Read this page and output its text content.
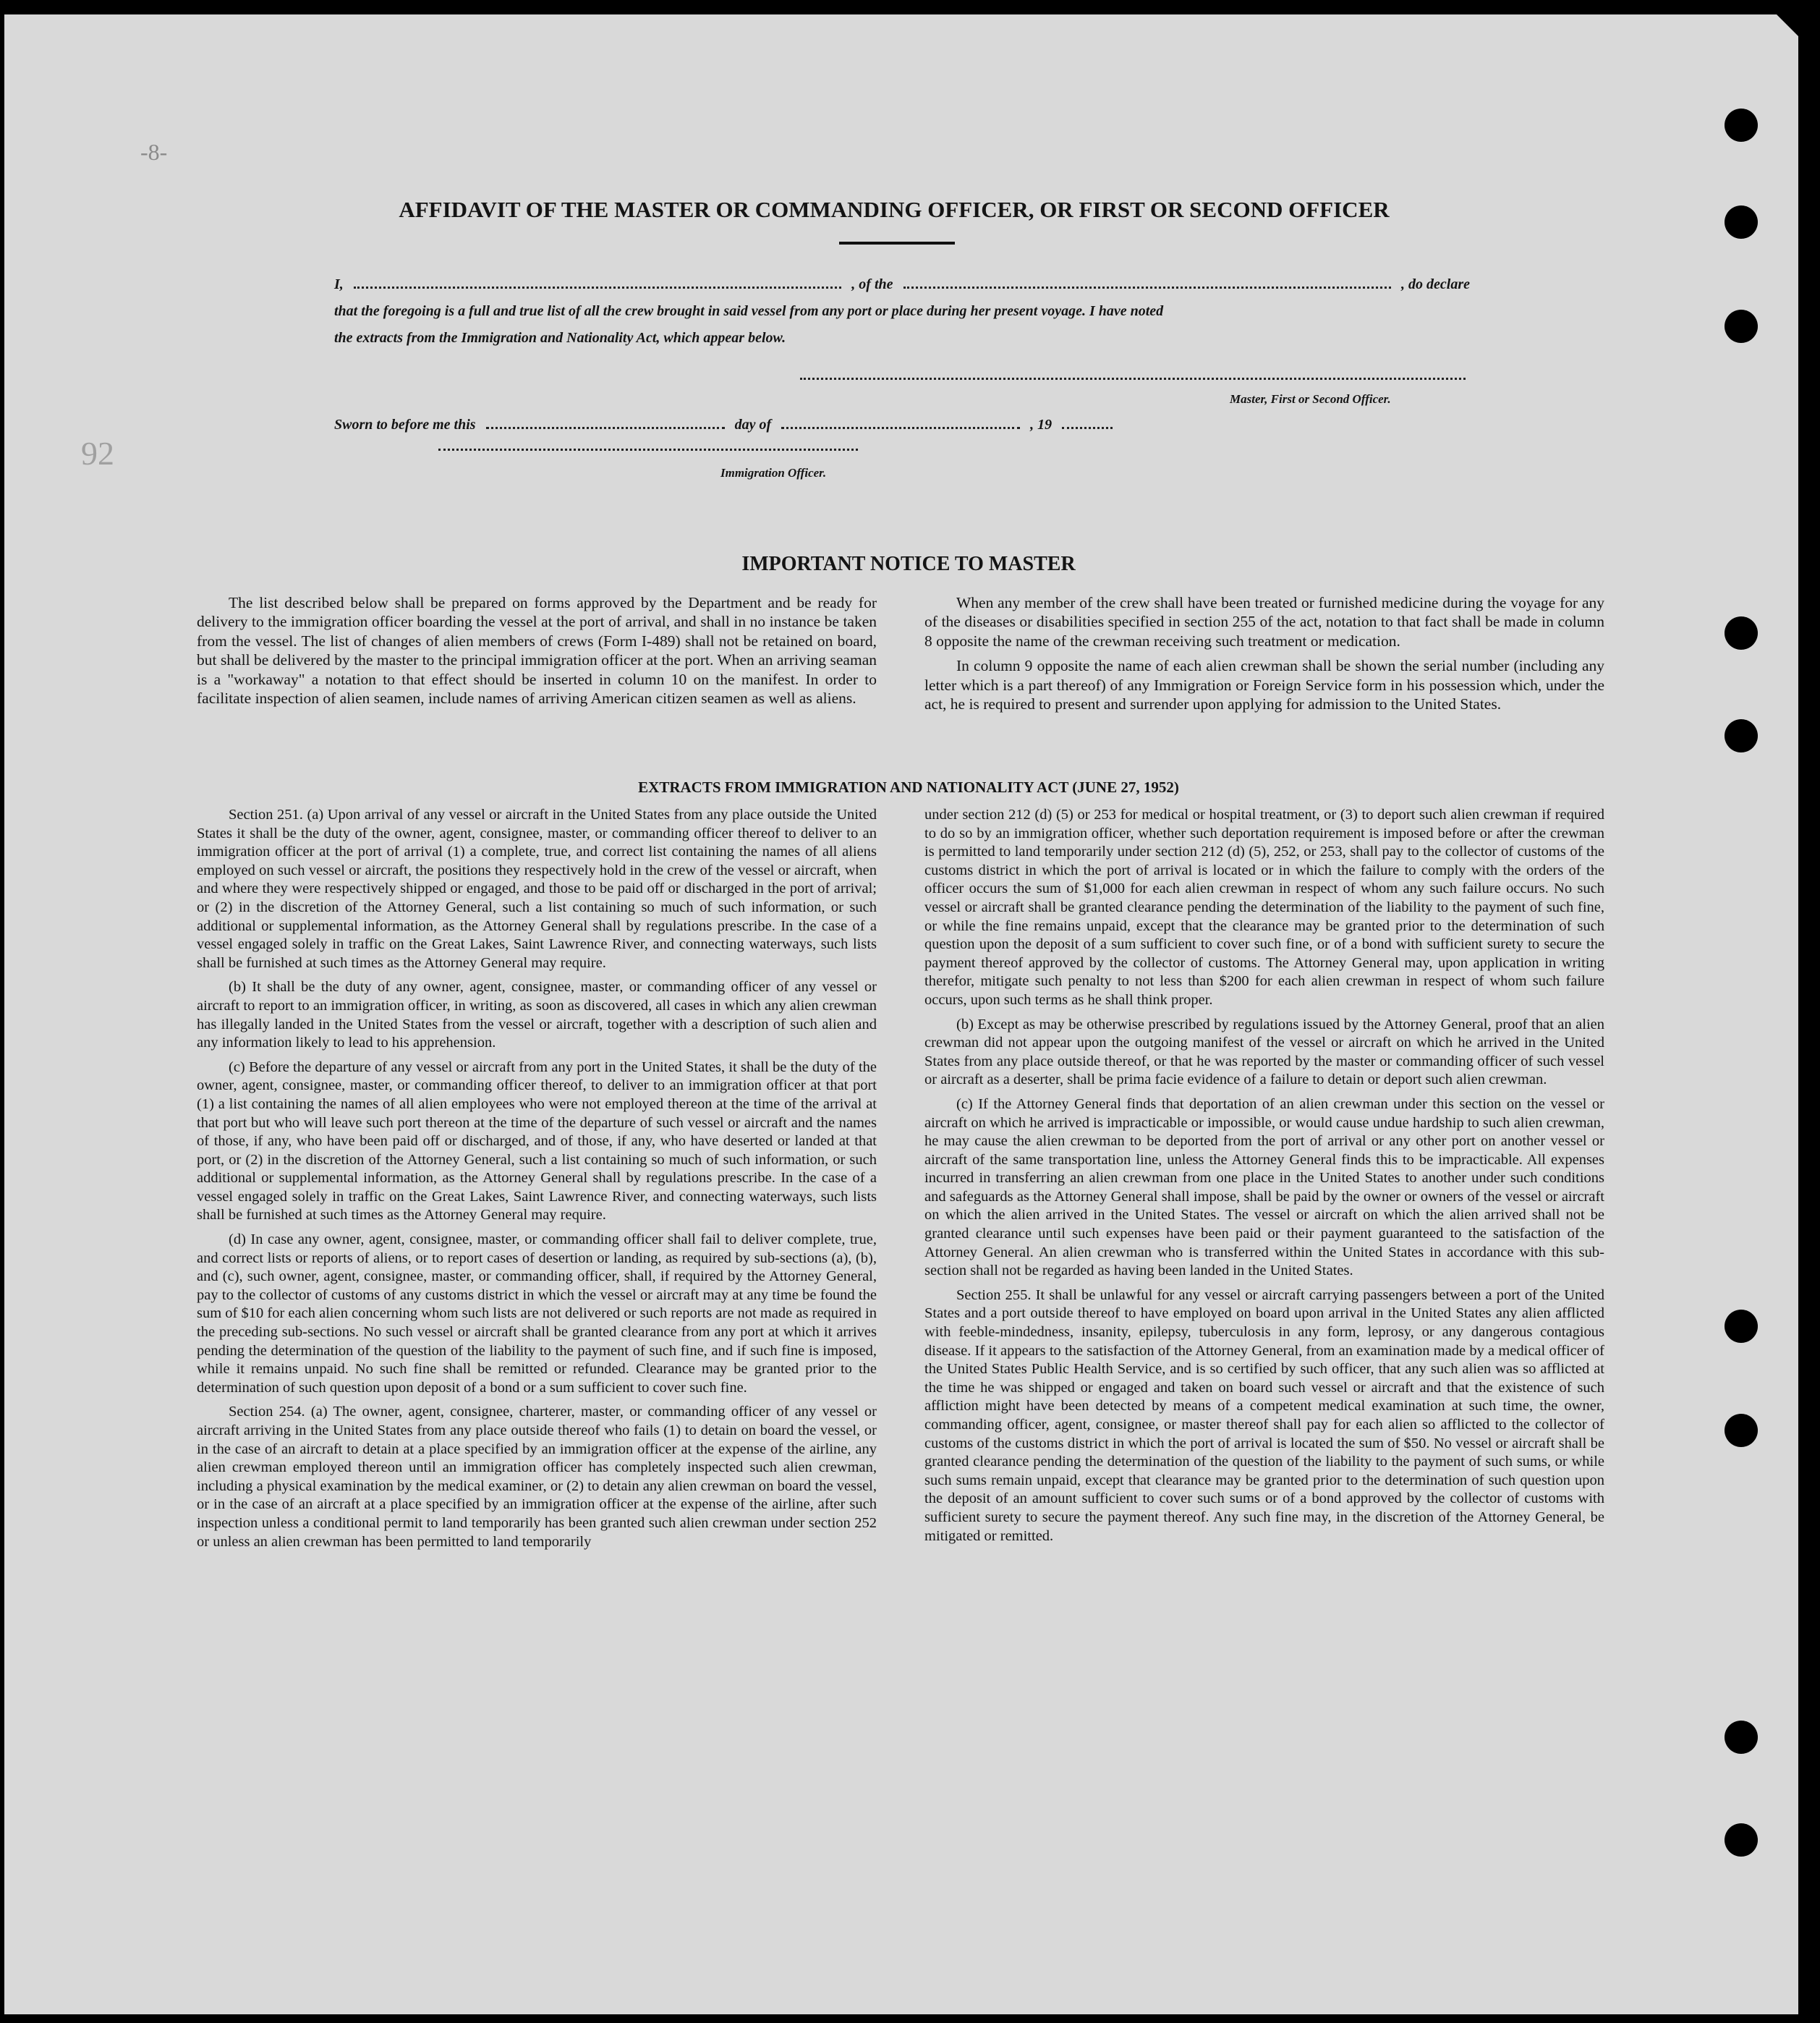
-8-
92
AFFIDAVIT OF THE MASTER OR COMMANDING OFFICER, OR FIRST OR SECOND OFFICER
I,	, of the	, do declare
that the foregoing is a full and true list of all the crew brought in said vessel from any port or place during her present voyage. I have noted
the extracts from the Immigration and Nationality Act, which appear below.
Master, First or Second Officer.
Sworn to before me this	day of	, 19
Immigration Officer.
IMPORTANT NOTICE TO MASTER

The list described below shall be prepared on forms approved by the Department and be ready for delivery to the immigration officer boarding the vessel at the port of arrival, and shall in no instance be taken from the vessel. The list of changes of alien members of crews (Form I-489) shall not be retained on board, but shall be delivered by the master to the principal immigration officer at the port. When an arriving seaman is a "workaway" a notation to that effect should be inserted in column 10 on the manifest. In order to facilitate inspection of alien seamen, include names of arriving American citizen seamen as well as aliens.

When any member of the crew shall have been treated or furnished medicine during the voyage for any of the diseases or disabilities specified in section 255 of the act, notation to that fact shall be made in column 8 opposite the name of the crewman receiving such treatment or medication.

In column 9 opposite the name of each alien crewman shall be shown the serial number (including any letter which is a part thereof) of any Immigration or Foreign Service form in his possession which, under the act, he is required to present and surrender upon applying for admission to the United States.

EXTRACTS FROM IMMIGRATION AND NATIONALITY ACT (JUNE 27, 1952)

Section 251. (a) Upon arrival of any vessel or aircraft in the United States from any place outside the United States it shall be the duty of the owner, agent, consignee, master, or commanding officer thereof to deliver to an immigration officer at the port of arrival (1) a complete, true, and correct list containing the names of all aliens employed on such vessel or aircraft, the positions they respectively hold in the crew of the vessel or aircraft, when and where they were respectively shipped or engaged, and those to be paid off or discharged in the port of arrival; or (2) in the discretion of the Attorney General, such a list containing so much of such information, or such additional or supplemental information, as the Attorney General shall by regulations prescribe. In the case of a vessel engaged solely in traffic on the Great Lakes, Saint Lawrence River, and connecting waterways, such lists shall be furnished at such times as the Attorney General may require.

(b) It shall be the duty of any owner, agent, consignee, master, or commanding officer of any vessel or aircraft to report to an immigration officer, in writing, as soon as discovered, all cases in which any alien crewman has illegally landed in the United States from the vessel or aircraft, together with a description of such alien and any information likely to lead to his apprehension.

(c) Before the departure of any vessel or aircraft from any port in the United States, it shall be the duty of the owner, agent, consignee, master, or commanding officer thereof, to deliver to an immigration officer at that port (1) a list containing the names of all alien employees who were not employed thereon at the time of the arrival at that port but who will leave such port thereon at the time of the departure of such vessel or aircraft and the names of those, if any, who have been paid off or discharged, and of those, if any, who have deserted or landed at that port, or (2) in the discretion of the Attorney General, such a list containing so much of such information, or such additional or supplemental information, as the Attorney General shall by regulations prescribe. In the case of a vessel engaged solely in traffic on the Great Lakes, Saint Lawrence River, and connecting waterways, such lists shall be furnished at such times as the Attorney General may require.

(d) In case any owner, agent, consignee, master, or commanding officer shall fail to deliver complete, true, and correct lists or reports of aliens, or to report cases of desertion or landing, as required by sub-sections (a), (b), and (c), such owner, agent, consignee, master, or commanding officer, shall, if required by the Attorney General, pay to the collector of customs of any customs district in which the vessel or aircraft may at any time be found the sum of $10 for each alien concerning whom such lists are not delivered or such reports are not made as required in the preceding sub-sections. No such vessel or aircraft shall be granted clearance from any port at which it arrives pending the determination of the question of the liability to the payment of such fine, and if such fine is imposed, while it remains unpaid. No such fine shall be remitted or refunded. Clearance may be granted prior to the determination of such question upon deposit of a bond or a sum sufficient to cover such fine.

Section 254. (a) The owner, agent, consignee, charterer, master, or commanding officer of any vessel or aircraft arriving in the United States from any place outside thereof who fails (1) to detain on board the vessel, or in the case of an aircraft to detain at a place specified by an immigration officer at the expense of the airline, any alien crewman employed thereon until an immigration officer has completely inspected such alien crewman, including a physical examination by the medical examiner, or (2) to detain any alien crewman on board the vessel, or in the case of an aircraft at a place specified by an immigration officer at the expense of the airline, after such inspection unless a conditional permit to land temporarily has been granted such alien crewman under section 252 or unless an alien crewman has been permitted to land temporarily

under section 212 (d) (5) or 253 for medical or hospital treatment, or (3) to deport such alien crewman if required to do so by an immigration officer, whether such deportation requirement is imposed before or after the crewman is permitted to land temporarily under section 212 (d) (5), 252, or 253, shall pay to the collector of customs of the customs district in which the port of arrival is located or in which the failure to comply with the orders of the officer occurs the sum of $1,000 for each alien crewman in respect of whom any such failure occurs. No such vessel or aircraft shall be granted clearance pending the determination of the liability to the payment of such fine, or while the fine remains unpaid, except that the clearance may be granted prior to the determination of such question upon the deposit of a sum sufficient to cover such fine, or of a bond with sufficient surety to secure the payment thereof approved by the collector of customs. The Attorney General may, upon application in writing therefor, mitigate such penalty to not less than $200 for each alien crewman in respect of whom such failure occurs, upon such terms as he shall think proper.

(b) Except as may be otherwise prescribed by regulations issued by the Attorney General, proof that an alien crewman did not appear upon the outgoing manifest of the vessel or aircraft on which he arrived in the United States from any place outside thereof, or that he was reported by the master or commanding officer of such vessel or aircraft as a deserter, shall be prima facie evidence of a failure to detain or deport such alien crewman.

(c) If the Attorney General finds that deportation of an alien crewman under this section on the vessel or aircraft on which he arrived is impracticable or impossible, or would cause undue hardship to such alien crewman, he may cause the alien crewman to be deported from the port of arrival or any other port on another vessel or aircraft of the same transportation line, unless the Attorney General finds this to be impracticable. All expenses incurred in transferring an alien crewman from one place in the United States to another under such conditions and safeguards as the Attorney General shall impose, shall be paid by the owner or owners of the vessel or aircraft on which the alien arrived in the United States. The vessel or aircraft on which the alien arrived shall not be granted clearance until such expenses have been paid or their payment guaranteed to the satisfaction of the Attorney General. An alien crewman who is transferred within the United States in accordance with this sub-section shall not be regarded as having been landed in the United States.

Section 255. It shall be unlawful for any vessel or aircraft carrying passengers between a port of the United States and a port outside thereof to have employed on board upon arrival in the United States any alien afflicted with feeble-mindedness, insanity, epilepsy, tuberculosis in any form, leprosy, or any dangerous contagious disease. If it appears to the satisfaction of the Attorney General, from an examination made by a medical officer of the United States Public Health Service, and is so certified by such officer, that any such alien was so afflicted at the time he was shipped or engaged and taken on board such vessel or aircraft and that the existence of such affliction might have been detected by means of a competent medical examination at such time, the owner, commanding officer, agent, consignee, or master thereof shall pay for each alien so afflicted to the collector of customs of the customs district in which the port of arrival is located the sum of $50. No vessel or aircraft shall be granted clearance pending the determination of the question of the liability to the payment of such sums, or while such sums remain unpaid, except that clearance may be granted prior to the determination of such question upon the deposit of an amount sufficient to cover such sums or of a bond approved by the collector of customs with sufficient surety to secure the payment thereof. Any such fine may, in the discretion of the Attorney General, be mitigated or remitted.
